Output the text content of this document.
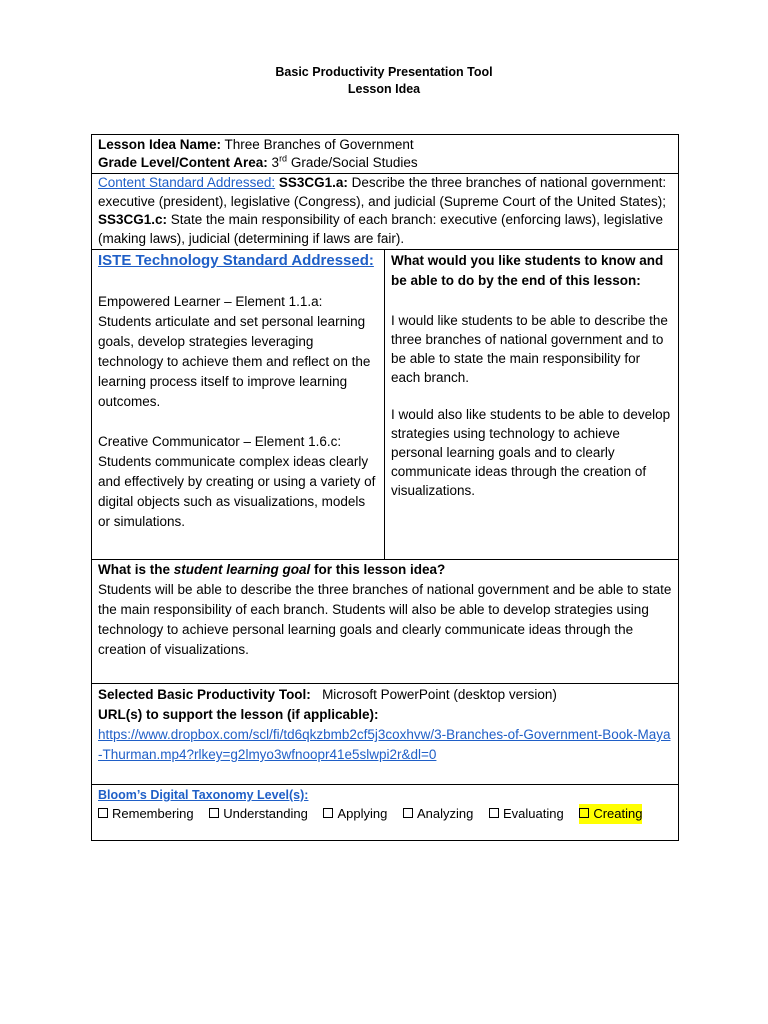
Basic Productivity Presentation Tool
Lesson Idea
Lesson Idea Name: Three Branches of Government
Grade Level/Content Area: 3rd Grade/Social Studies
Content Standard Addressed: SS3CG1.a: Describe the three branches of national government: executive (president), legislative (Congress), and judicial (Supreme Court of the United States); SS3CG1.c: State the main responsibility of each branch: executive (enforcing laws), legislative (making laws), judicial (determining if laws are fair).
ISTE Technology Standard Addressed:
Empowered Learner – Element 1.1.a: Students articulate and set personal learning goals, develop strategies leveraging technology to achieve them and reflect on the learning process itself to improve learning outcomes.
Creative Communicator – Element 1.6.c: Students communicate complex ideas clearly and effectively by creating or using a variety of digital objects such as visualizations, models or simulations.
What would you like students to know and be able to do by the end of this lesson:
I would like students to be able to describe the three branches of national government and to be able to state the main responsibility for each branch.
I would also like students to be able to develop strategies using technology to achieve personal learning goals and to clearly communicate ideas through the creation of visualizations.
What is the student learning goal for this lesson idea?
Students will be able to describe the three branches of national government and be able to state the main responsibility of each branch. Students will also be able to develop strategies using technology to achieve personal learning goals and clearly communicate ideas through the creation of visualizations.
Selected Basic Productivity Tool:   Microsoft PowerPoint (desktop version)
URL(s) to support the lesson (if applicable):
https://www.dropbox.com/scl/fi/td6qkzbmb2cf5j3coxhvw/3-Branches-of-Government-Book-Maya-Thurman.mp4?rlkey=g2lmyo3wfnoopr41e5slwpi2r&dl=0
Bloom’s Digital Taxonomy Level(s):
Remembering Understanding Applying Analyzing Evaluating Creating
